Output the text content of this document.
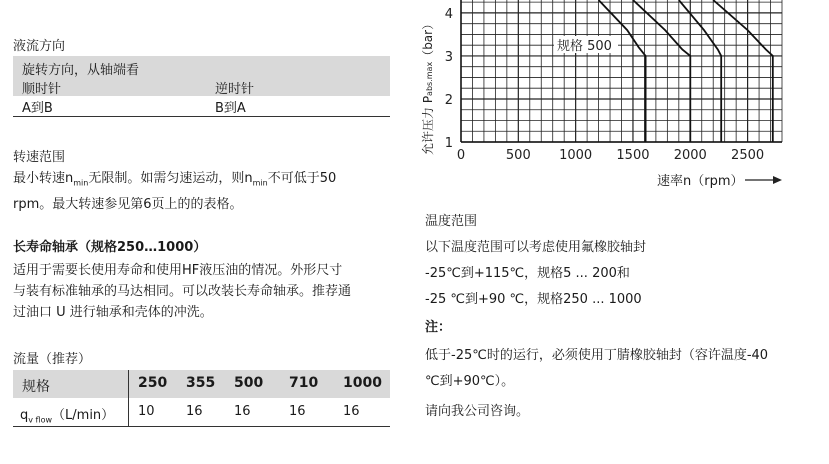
液流方向
旋转方向，从轴端看
顺时针	逆时针
A到B	B到A
转速范围
最小转速$n_{min}$无限制。如需匀速运动，则$n_{min}$不可低于50
rpm。最大转速参见第6页上的的表格。
长寿命轴承（规格250…1000）
适用于需要长使用寿命和使用HF液压油的情况。外形尺寸
与装有标准轴承的马达相同。可以改装长寿命轴承。推荐通
过油口 U 进行轴承和壳体的冲洗。
流量（推荐）
规格	250 355 500 710 1000
$q_{v flow}(L/\min)$ 10 16 16	16	16
0	500 1000 1500 2000 2500
1
2
3
4
允许压力 Pabs.max（bar）	规格 500
速率n（rpm）
温度范围
以下温度范围可以考虑使用氟橡胶轴封
-25℃到+115℃，规格5 ... 200和
-25 ℃到+90 ℃，规格250 ... 1000
注：
低于-25℃时的运行，必须使用丁腈橡胶轴封（容许温度-40
℃到+90℃）。
请向我公司咨询。
